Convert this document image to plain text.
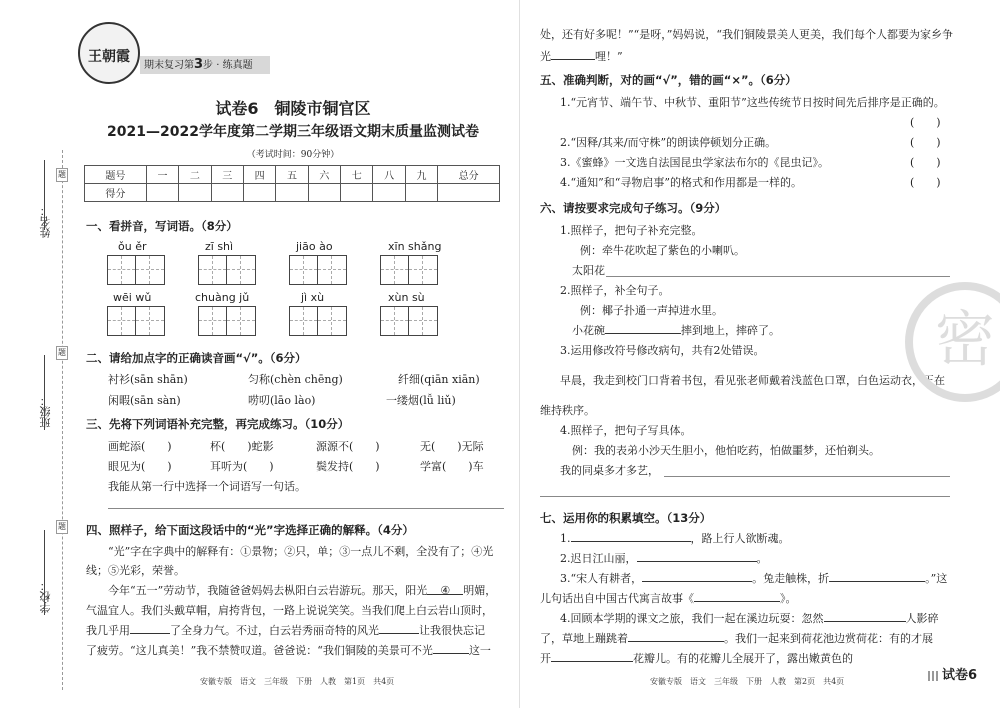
姓名：
班级：
学校：
题
题
题
王朝霞
期末复习第3步 · 练真题
试卷6　铜陵市铜官区
2021—2022学年度第二学期三年级语文期末质量监测试卷
（考试时间：90分钟）
题号	一	二	三	四	五	六	七	八	九	总分
得分										
一、看拼音，写词语。（8分）
ǒu ěr	zī shì	jiāo ào	xīn shǎng
wēi wǔ	chuàng jǔ	jì xù	xùn sù
二、请给加点字的正确读音画“√”。（6分）
衬衫(sān shān)	匀称(chèn chēng)	纤细(qiān xiān)
闲暇(sān sàn)	唠叨(lāo lào)	一缕烟(lǚ liǔ)
三、先将下列词语补充完整，再完成练习。（10分）
画蛇添(　　)	杯(　　)蛇影	源源不(　　)	无(　　)无际
眼见为(　　)	耳听为(　　)	鬓发持(　　)	学富(　　)车
我能从第一行中选择一个词语写一句话。
四、照样子，给下面这段话中的“光”字选择正确的解释。（4分）
“光”字在字典中的解释有：①景物；②只，单；③一点儿不剩，全没有了；④光
线；⑤光彩，荣誉。
今年“五一”劳动节，我随爸爸妈妈去枞阳白云岩游玩。那天，阳光 ④ 明媚，
气温宜人。我们头戴草帽，肩挎背包，一路上说说笑笑。当我们爬上白云岩山顶时，
我几乎用	了全身力气。不过，白云岩秀丽奇特的风光	让我很快忘记
了疲劳。“这儿真美！”我不禁赞叹道。爸爸说：“我们铜陵的美景可不光	这一
安徽专版　语文　三年级　下册　人教　第1页　共4页
处，还有好多呢！”“是呀，”妈妈说，“我们铜陵景美人更美，我们每个人都要为家乡争
光	哩！”
五、准确判断，对的画“√”，错的画“×”。（6分）
1.“元宵节、端午节、中秋节、重阳节”这些传统节日按时间先后排序是正确的。
(　　)
2.“因释/其来/而守株”的朗读停顿划分正确。	(　　)
3.《蜜蜂》一文选自法国昆虫学家法布尔的《昆虫记》。	(　　)
4.“通知”和“寻物启事”的格式和作用都是一样的。	(　　)
六、请按要求完成句子练习。（9分）
1.照样子，把句子补充完整。
例：牵牛花吹起了紫色的小喇叭。
太阳花
2.照样子，补全句子。
例：椰子扑通一声掉进水里。
小花碗	摔到地上，摔碎了。
3.运用修改符号修改病句，共有2处错误。
早晨，我走到校门口背着书包，看见张老师戴着浅蓝色口罩，白色运动衣，正在
维持秩序。
4.照样子，把句子写具体。
例：我的表弟小沙天生胆小，他怕吃药，怕做噩梦，还怕剃头。
我的同桌多才多艺，
七、运用你的积累填空。（13分）
1.	，路上行人欲断魂。
2.迟日江山丽，	。
3.“宋人有耕者，	。兔走触株，折	。”这
儿句话出自中国古代寓言故事《	》。
4.回顾本学期的课文之旅，我们一起在溪边玩耍：忽然	人影碎
了，草地上蹦跳着	。我们一起来到荷花池边赏荷花：有的才展
开	花瓣儿。有的花瓣儿全展开了，露出嫩黄色的
密
安徽专版　语文　三年级　下册　人教　第2页　共4页	试卷6
